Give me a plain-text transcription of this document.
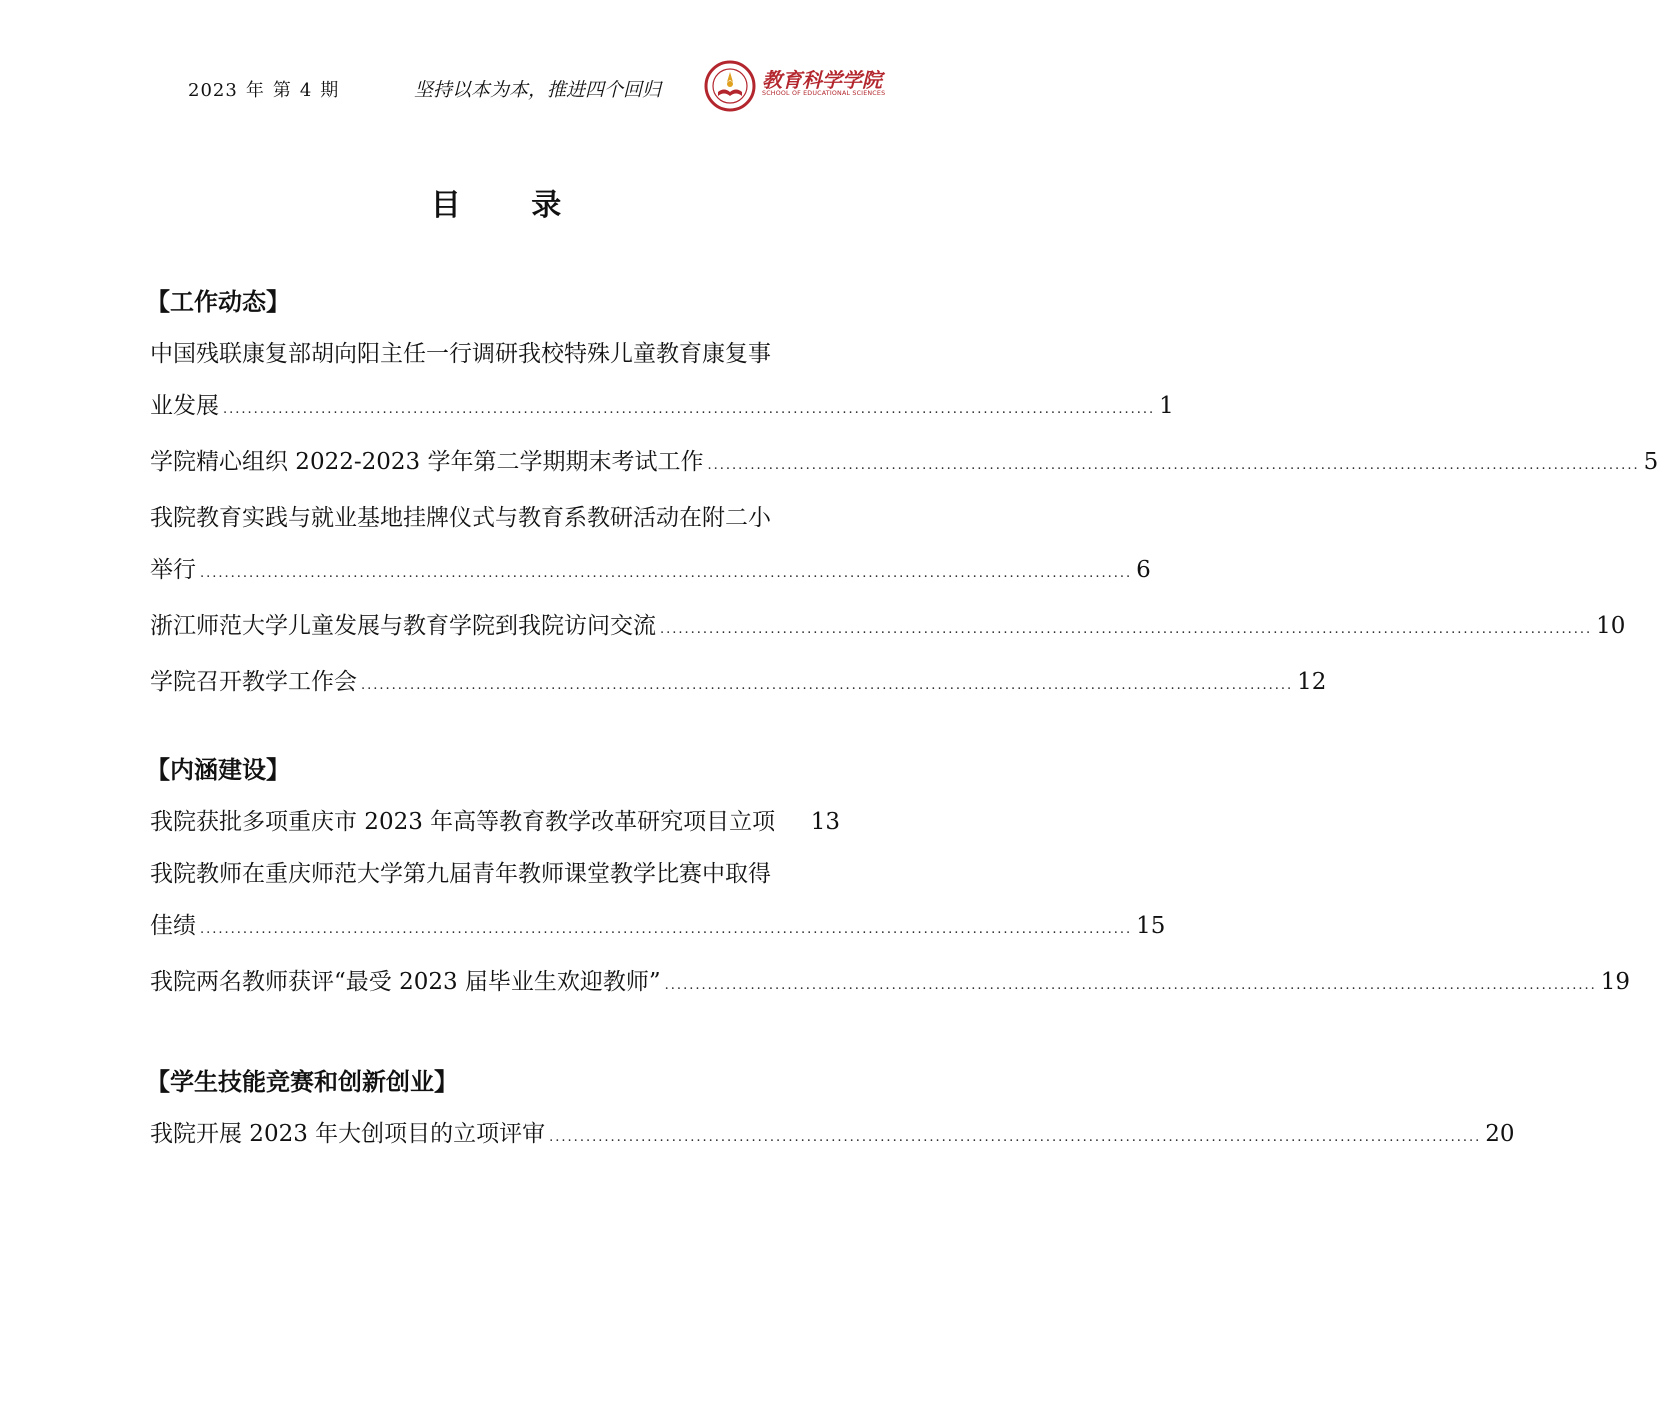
2023 年 第 4 期	坚持以本为本，推进四个回归	教育科学学院
SCHOOL OF EDUCATIONAL SCIENCES
目 录
【工作动态】
中国残联康复部胡向阳主任一行调研我校特殊儿童教育康复事
业发展 ........................................................................................................................................................ 1
学院精心组织 2022-2023 学年第二学期期末考试工作 ........................................................................................................................................................ 5
我院教育实践与就业基地挂牌仪式与教育系教研活动在附二小
举行 ........................................................................................................................................................ 6
浙江师范大学儿童发展与教育学院到我院访问交流 ........................................................................................................................................................ 10
学院召开教学工作会 ........................................................................................................................................................ 12
【内涵建设】
我院获批多项重庆市 2023 年高等教育教学改革研究项目立项 13
我院教师在重庆师范大学第九届青年教师课堂教学比赛中取得
佳绩 ........................................................................................................................................................ 15
我院两名教师获评“最受 2023 届毕业生欢迎教师” ........................................................................................................................................................ 19
【学生技能竞赛和创新创业】
我院开展 2023 年大创项目的立项评审 ........................................................................................................................................................ 20
